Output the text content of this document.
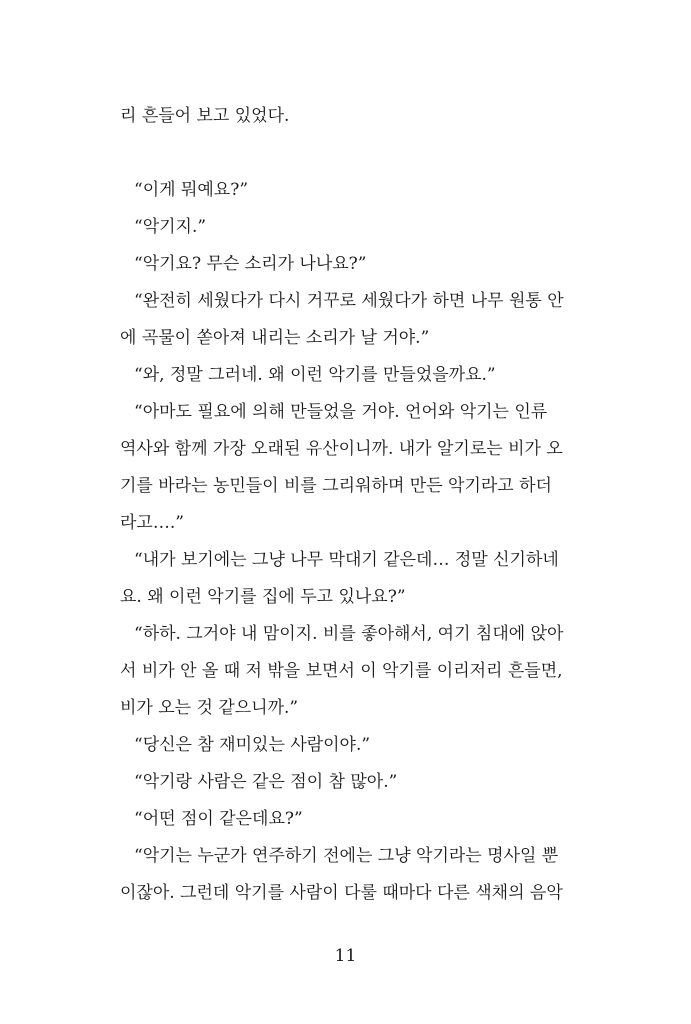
리 흔들어 보고 있었다.
“이게 뭐예요?”
“악기지.”
“악기요? 무슨 소리가 나나요?”
“완전히 세웠다가 다시 거꾸로 세웠다가 하면 나무 원통 안
에 곡물이 쏟아져 내리는 소리가 날 거야.”
“와, 정말 그러네. 왜 이런 악기를 만들었을까요.”
“아마도 필요에 의해 만들었을 거야. 언어와 악기는 인류
역사와 함께 가장 오래된 유산이니까. 내가 알기로는 비가 오
기를 바라는 농민들이 비를 그리워하며 만든 악기라고 하더
라고….”
“내가 보기에는 그냥 나무 막대기 같은데… 정말 신기하네
요. 왜 이런 악기를 집에 두고 있나요?”
“하하. 그거야 내 맘이지. 비를 좋아해서, 여기 침대에 앉아
서 비가 안 올 때 저 밖을 보면서 이 악기를 이리저리 흔들면,
비가 오는 것 같으니까.”
“당신은 참 재미있는 사람이야.”
“악기랑 사람은 같은 점이 참 많아.”
“어떤 점이 같은데요?”
“악기는 누군가 연주하기 전에는 그냥 악기라는 명사일 뿐
이잖아. 그런데 악기를 사람이 다룰 때마다 다른 색채의 음악
11
